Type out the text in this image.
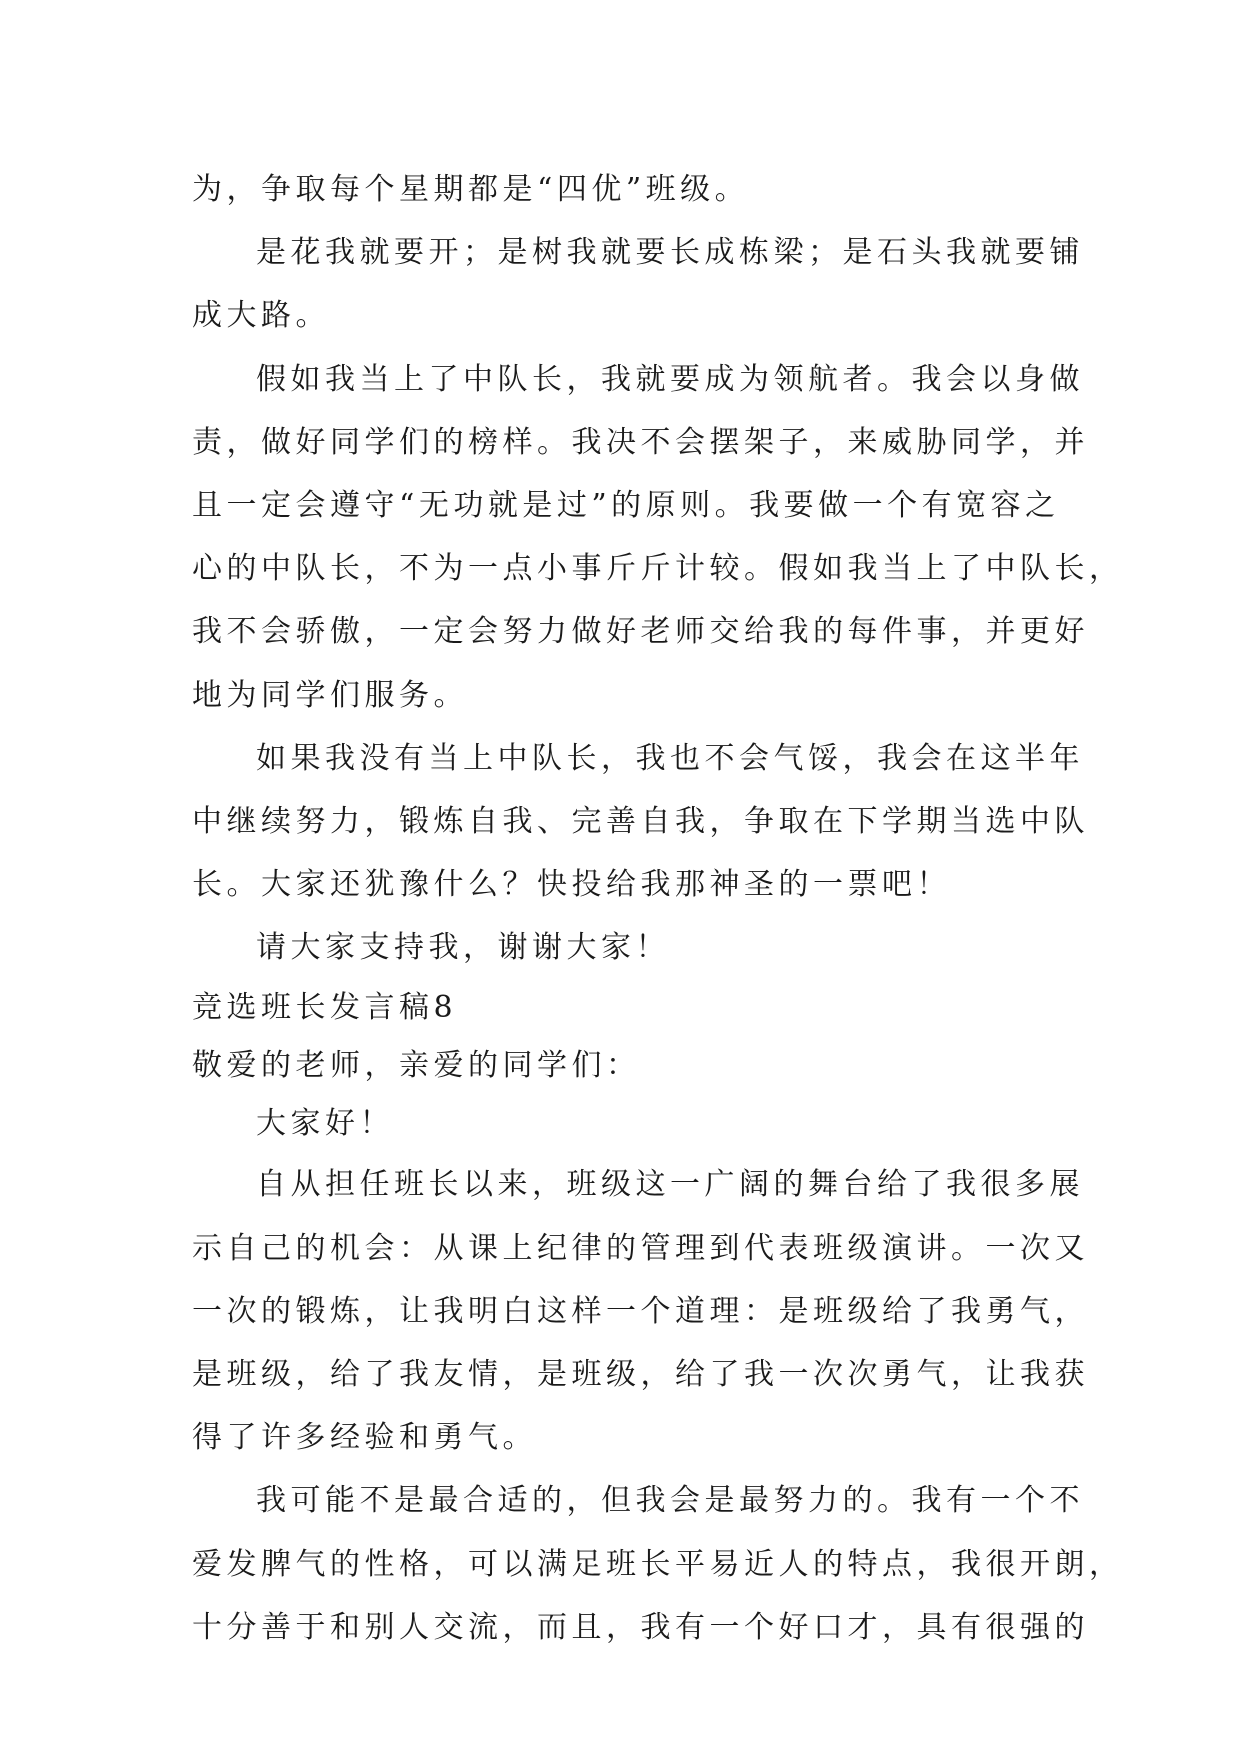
为，争取每个星期都是“四优”班级。
是花我就要开；是树我就要长成栋梁；是石头我就要铺
成大路。
假如我当上了中队长，我就要成为领航者。我会以身做
责，做好同学们的榜样。我决不会摆架子，来威胁同学，并
且一定会遵守“无功就是过”的原则。我要做一个有宽容之
心的中队长，不为一点小事斤斤计较。假如我当上了中队长，
我不会骄傲，一定会努力做好老师交给我的每件事，并更好
地为同学们服务。
如果我没有当上中队长，我也不会气馁，我会在这半年
中继续努力，锻炼自我、完善自我，争取在下学期当选中队
长。大家还犹豫什么？快投给我那神圣的一票吧！
请大家支持我，谢谢大家！
竞选班长发言稿8
敬爱的老师，亲爱的同学们：
大家好！
自从担任班长以来，班级这一广阔的舞台给了我很多展
示自己的机会：从课上纪律的管理到代表班级演讲。一次又
一次的锻炼，让我明白这样一个道理：是班级给了我勇气，
是班级，给了我友情，是班级，给了我一次次勇气，让我获
得了许多经验和勇气。
我可能不是最合适的，但我会是最努力的。我有一个不
爱发脾气的性格，可以满足班长平易近人的特点，我很开朗，
十分善于和别人交流，而且，我有一个好口才，具有很强的
